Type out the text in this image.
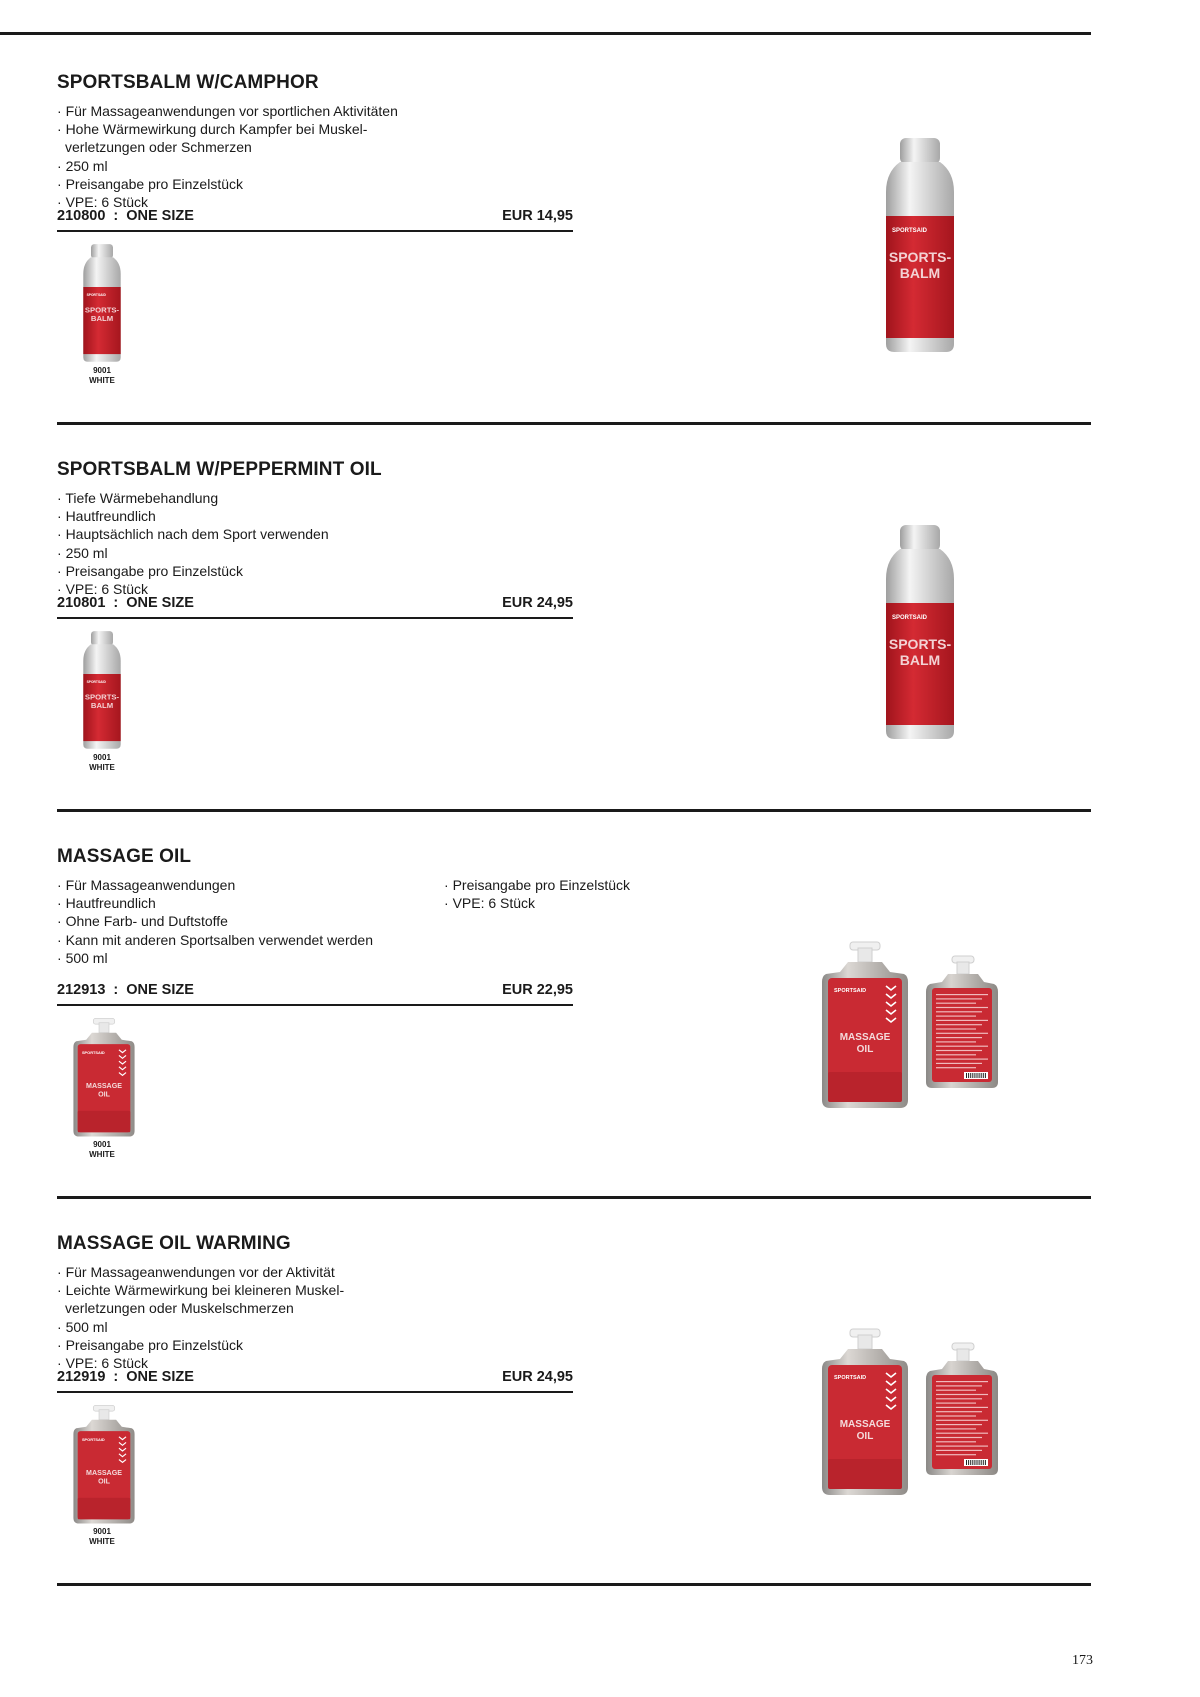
SPORTSBALM W/CAMPHOR
· Für Massageanwendungen vor sportlichen Aktivitäten
· Hohe Wärmewirkung durch Kampfer bei Muskel-
verletzungen oder Schmerzen
· 250 ml
· Preisangabe pro Einzelstück
· VPE: 6 Stück
210800 : ONE SIZE	EUR 14,95
SPORTSAID
SPORTS-
BALM
9001
WHITE
SPORTSAID
SPORTS-
BALM
SPORTSBALM W/PEPPERMINT OIL
· Tiefe Wärmebehandlung
· Hautfreundlich
· Hauptsächlich nach dem Sport verwenden
· 250 ml
· Preisangabe pro Einzelstück
· VPE: 6 Stück
210801 : ONE SIZE	EUR 24,95
SPORTSAID
SPORTS-
BALM
9001
WHITE
SPORTSAID
SPORTS-
BALM
MASSAGE OIL
· Für Massageanwendungen
· Hautfreundlich
· Ohne Farb- und Duftstoffe
· Kann mit anderen Sportsalben verwendet werden
· 500 ml
· Preisangabe pro Einzelstück
· VPE: 6 Stück
212913 : ONE SIZE	EUR 22,95
SPORTSAID
MASSAGE
OIL
9001
WHITE
SPORTSAID
MASSAGE
OIL
MASSAGE OIL WARMING
· Für Massageanwendungen vor der Aktivität
· Leichte Wärmewirkung bei kleineren Muskel-
verletzungen oder Muskelschmerzen
· 500 ml
· Preisangabe pro Einzelstück
· VPE: 6 Stück
212919 : ONE SIZE	EUR 24,95
SPORTSAID
MASSAGE
OIL
9001
WHITE
SPORTSAID
MASSAGE
OIL
173
